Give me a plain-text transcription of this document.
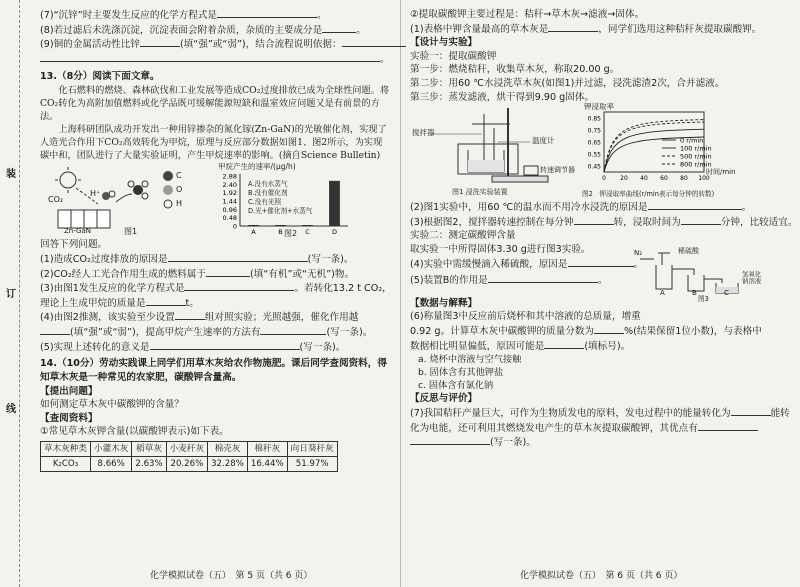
装
订
线
(7)“沉锌”时主要发生反应的化学方程式是	。
(8)若过滤后未洗涤沉淀，沉淀表面会附着杂质，杂质的主要成分是	。
(9)铜的金属活动性比锌	(填“强”或“弱”)，结合流程说明依据：
。
13.（8分）阅读下面文章。
化石燃料的燃烧、森林砍伐和工业发展等造成CO₂过度排放已成为全球性问题。将CO₂转化为高附加值燃料或化学品既可缓解能源短缺和温室效应问题又是有前景的方法。
上海科研团队成功开发出一种用锌掺杂的氮化镓(Zn-GaN)的光敏催化剂，实现了人造光合作用下CO₂高效转化为甲烷，原理与反应部分数据如图1、图2所示，为实现碳中和，团队进行了大量实验证明，产生甲烷速率的影响。(摘自Science Bulletin)
C
O
H
H⁺
CO₂
Zn-GaN	图1
甲烷产生的速率/(μg/h)
2.88
2.40
1.92
1.44
0.96
0.48
0
A	B	C	D
A.没有水蒸气
B.没有催化剂
C.没有光照
D.光+催化剂+水蒸气
图2
回答下列问题。
(1)造成CO₂过度排放的原因是	(写一条)。
(2)CO₂经人工光合作用生成的燃料属于	(填“有机”或“无机”)物。
(3)由图1发生反应的化学方程式是	。若转化13.2 t CO₂，
理论上生成甲烷的质量是	t。
(4)由图2推测，该实验至少设置	组对照实验；光照越强，催化作用越
(填“强”或“弱”)，提高甲烷产生速率的方法有	(写一条)。
(5)实现上述转化的意义是	(写一条)。
14.（10分）劳动实践课上同学们用草木灰给农作物施肥。课后同学查阅资料，得知草木灰是一种常见的农家肥，碳酸钾含量高。
【提出问题】
如何测定草木灰中碳酸钾的含量？
【查阅资料】
①常见草木灰钾含量(以碳酸钾表示)如下表。
草木灰种类	小灌木灰	稻草灰	小麦秆灰	棉壳灰	棉秆灰	向日葵秆灰
K₂CO₃	8.66%	2.63%	20.26%	32.28%	16.44%	51.97%
化学模拟试卷（五）　第 5 页（共 6 页）
②提取碳酸钾主要过程是：秸秆→草木灰→滤液→固体。
(1)表格中钾含量最高的草木灰是	，同学们选用这种秸秆灰提取碳酸钾。
【设计与实验】
实验一：提取碳酸钾
第一步：燃烧秸秆，收集草木灰，称取20.00 g。
第二步：用60 ℃水浸洗草木灰(如图1)并过滤，浸洗滤渣2次，合并滤液。
第三步：蒸发滤液，烘干得到9.90 g固体。
搅拌器
温度计
转速调节器
图1 浸洗实验装置
钾浸取率
0.85
0.75
0.65
0.55
0.45
0 20 40 60 80 100
0 r/min
100 r/min
500 r/min
800 r/min
时间/min
图2　钾浸取率曲线(r/min表示每分钟的转数)
(2)图1实验中，用60 ℃的温水而不用冷水浸洗的原因是	。
(3)根据图2，搅拌器转速控制在每分钟	转，浸取时间为	分钟，比较适宜。
实验二：测定碳酸钾含量
取实验一中所得固体3.30 g进行图3实验。
(4)实验中需缓慢滴入稀硫酸，原因是	。
(5)装置B的作用是	。
N₂	稀硫酸
A	B	C
氢氧化钠溶液
图3
【数据与解释】
(6)称量图3中反应前后烧杯和其中溶液的总质量，增重
0.92 g。计算草木灰中碳酸钾的质量分数为	%(结果保留1位小数)，与表格中
数据相比明显偏低，原因可能是	(填标号)。
a. 烧杯中溶液与空气接触
b. 固体含有其他钾盐
c. 固体含有氯化钠
【反思与评价】
(7)我国秸秆产量巨大，可作为生物质发电的原料，发电过程中的能量转化为	能转
化为电能，还可利用其燃烧发电产生的草木灰提取碳酸钾，其优点有
(写一条)。
化学模拟试卷（五）　第 6 页（共 6 页）
